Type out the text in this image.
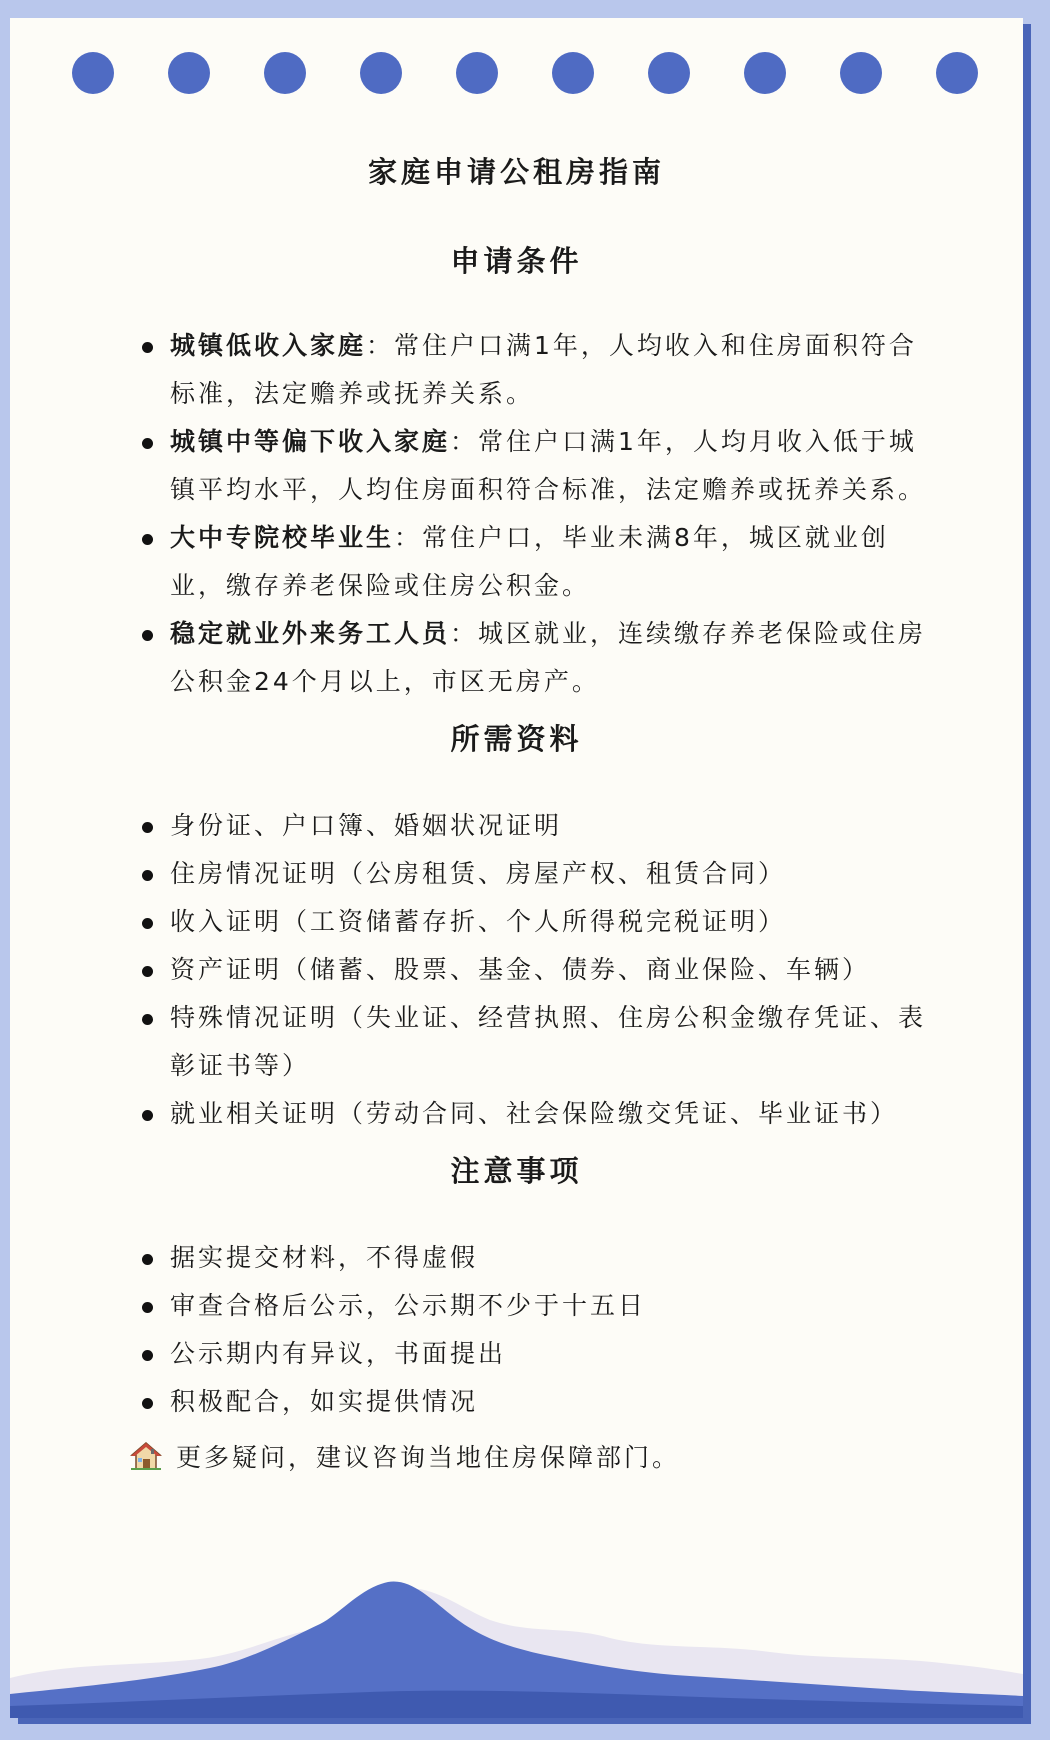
家庭申请公租房指南
申请条件
城镇低收入家庭：常住户口满1年，人均收入和住房面积符合标准，法定赡养或抚养关系。
城镇中等偏下收入家庭：常住户口满1年，人均月收入低于城镇平均水平，人均住房面积符合标准，法定赡养或抚养关系。
大中专院校毕业生：常住户口，毕业未满8年，城区就业创业，缴存养老保险或住房公积金。
稳定就业外来务工人员：城区就业，连续缴存养老保险或住房公积金24个月以上，市区无房产。
所需资料
身份证、户口簿、婚姻状况证明
住房情况证明（公房租赁、房屋产权、租赁合同）
收入证明（工资储蓄存折、个人所得税完税证明）
资产证明（储蓄、股票、基金、债券、商业保险、车辆）
特殊情况证明（失业证、经营执照、住房公积金缴存凭证、表彰证书等）
就业相关证明（劳动合同、社会保险缴交凭证、毕业证书）
注意事项
据实提交材料，不得虚假
审查合格后公示，公示期不少于十五日
公示期内有异议，书面提出
积极配合，如实提供情况
更多疑问，建议咨询当地住房保障部门。
